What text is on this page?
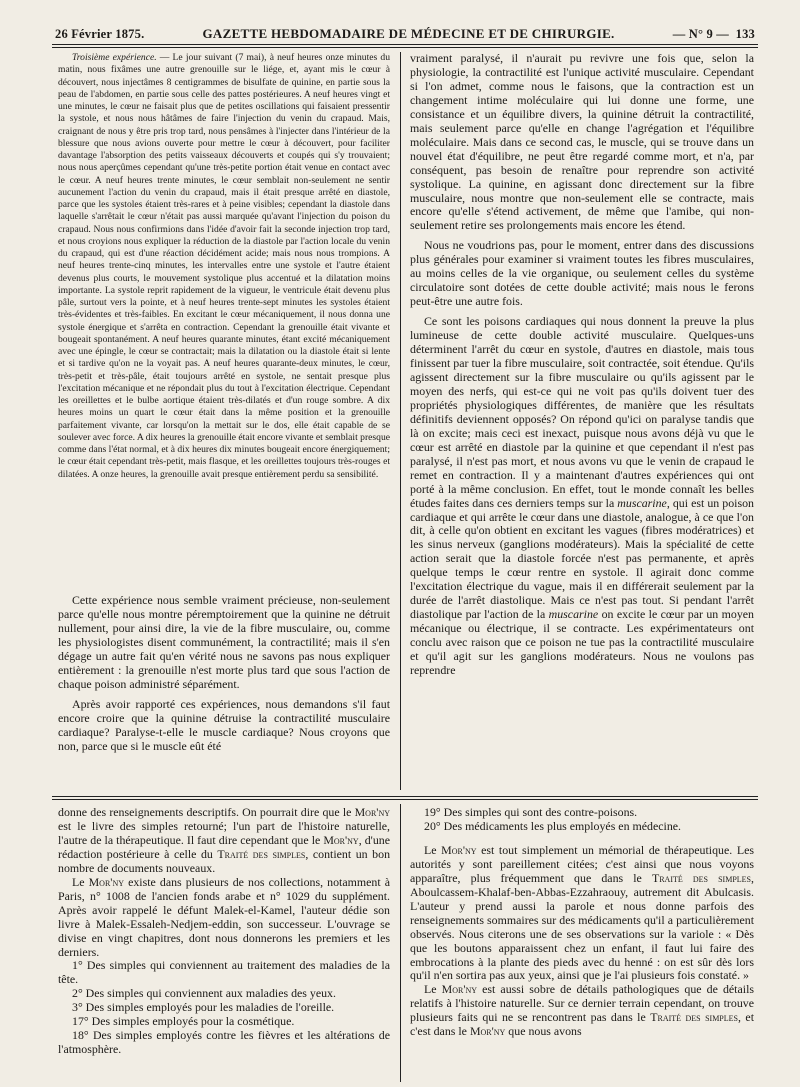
26 Février 1875.	GAZETTE HEBDOMADAIRE DE MÉDECINE ET DE CHIRURGIE.	— N° 9 — 133

Troisième expérience. — Le jour suivant (7 mai), à neuf heures onze minutes du matin, nous fixâmes une autre grenouille sur le liége, et, ayant mis le cœur à découvert, nous injectâmes 8 centigrammes de bisulfate de quinine, en partie sous la peau de l'abdomen, en partie sous celle des pattes postérieures. A neuf heures vingt et une minutes, le cœur ne faisait plus que de petites oscillations qui faisaient pressentir la systole, et nous nous hâtâmes de faire l'injection du venin du crapaud. Mais, craignant de nous y être pris trop tard, nous pensâmes à l'injecter dans l'intérieur de la blessure que nous avions ouverte pour mettre le cœur à découvert, pour faciliter davantage l'absorption des petits vaisseaux découverts et coupés qui s'y trouvaient; nous nous aperçûmes cependant qu'une très-petite portion était venue en contact avec le cœur. A neuf heures trente minutes, le cœur semblait non-seulement ne sentir aucunement l'action du venin du crapaud, mais il était presque arrêté en diastole, parce que les systoles étaient très-rares et à peine visibles; cependant la diastole dans laquelle s'arrêtait le cœur n'était pas aussi marquée qu'avant l'injection du poison du crapaud. Nous nous confirmions dans l'idée d'avoir fait la seconde injection trop tard, et nous croyions nous expliquer la réduction de la diastole par l'action locale du venin du crapaud, qui est d'une réaction décidément acide; mais nous nous trompions. A neuf heures trente-cinq minutes, les intervalles entre une systole et l'autre étaient devenus plus courts, le mouvement systolique plus accentué et la dilatation moins importante. La systole reprit rapidement de la vigueur, le ventricule était devenu plus pâle, surtout vers la pointe, et à neuf heures trente-sept minutes les systoles étaient très-évidentes et très-faibles. En excitant le cœur mécaniquement, il nous donna une systole énergique et s'arrêta en contraction. Cependant la grenouille était vivante et bougeait spontanément. A neuf heures quarante minutes, étant excité mécaniquement avec une épingle, le cœur se contractait; mais la dilatation ou la diastole était si lente et si tardive qu'on ne la voyait pas. A neuf heures quarante-deux minutes, le cœur, très-petit et très-pâle, était toujours arrêté en systole, ne sentait presque plus l'excitation mécanique et ne répondait plus du tout à l'excitation électrique. Cependant les oreillettes et le bulbe aortique étaient très-dilatés et d'un rouge sombre. A dix heures moins un quart le cœur était dans la même position et la grenouille parfaitement vivante, car lorsqu'on la mettait sur le dos, elle était capable de se soulever avec force. A dix heures la grenouille était encore vivante et semblait presque comme dans l'état normal, et à dix heures dix minutes bougeait encore énergiquement; le cœur était cependant très-petit, mais flasque, et les oreillettes toujours très-rouges et dilatées. A onze heures, la grenouille avait presque entièrement perdu sa sensibilité.

Cette expérience nous semble vraiment précieuse, non-seulement parce qu'elle nous montre péremptoirement que la quinine ne détruit nullement, pour ainsi dire, la vie de la fibre musculaire, ou, comme les physiologistes disent communément, la contractilité; mais il s'en dégage un autre fait qu'en vérité nous ne savons pas nous expliquer entièrement : la grenouille n'est morte plus tard que sous l'action de chaque poison administré séparément.

Après avoir rapporté ces expériences, nous demandons s'il faut encore croire que la quinine détruise la contractilité musculaire cardiaque? Paralyse-t-elle le muscle cardiaque? Nous croyons que non, parce que si le muscle eût été

vraiment paralysé, il n'aurait pu revivre une fois que, selon la physiologie, la contractilité est l'unique activité musculaire. Cependant si l'on admet, comme nous le faisons, que la contraction est un changement intime moléculaire qui lui donne une forme, une consistance et un équilibre divers, la quinine détruit la contractilité, mais seulement parce qu'elle en change l'agrégation et l'équilibre moléculaire. Mais dans ce second cas, le muscle, qui se trouve dans un nouvel état d'équilibre, ne peut être regardé comme mort, et n'a, par conséquent, pas besoin de renaître pour reprendre son activité systolique. La quinine, en agissant donc directement sur la fibre musculaire, nous montre que non-seulement elle se contracte, mais encore qu'elle s'étend activement, de même que l'amibe, qui non-seulement retire ses prolongements mais encore les étend.

Nous ne voudrions pas, pour le moment, entrer dans des discussions plus générales pour examiner si vraiment toutes les fibres musculaires, au moins celles de la vie organique, ou seulement celles du système circulatoire sont dotées de cette double activité; mais nous le ferons peut-être une autre fois.

Ce sont les poisons cardiaques qui nous donnent la preuve la plus lumineuse de cette double activité musculaire. Quelques-uns déterminent l'arrêt du cœur en systole, d'autres en diastole, mais tous finissent par tuer la fibre musculaire, soit contractée, soit étendue. Qu'ils agissent directement sur la fibre musculaire ou qu'ils agissent par le moyen des nerfs, qui est-ce qui ne voit pas qu'ils doivent tuer des propriétés physiologiques différentes, de manière que les résultats définitifs deviennent opposés? On répond qu'ici on paralyse tandis que là on excite; mais ceci est inexact, puisque nous avons déjà vu que le cœur est arrêté en diastole par la quinine et que cependant il n'est pas paralysé, il n'est pas mort, et nous avons vu que le venin de crapaud le remet en contraction. Il y a maintenant d'autres expériences qui ont porté à la même conclusion. En effet, tout le monde connaît les belles études faites dans ces derniers temps sur la muscarine, qui est un poison cardiaque et qui arrête le cœur dans une diastole, analogue, à ce que l'on dit, à celle qu'on obtient en excitant les vagues (fibres modératrices) et les sinus nerveux (ganglions modérateurs). Mais la spécialité de cette action serait que la diastole forcée n'est pas permanente, et après quelque temps le cœur rentre en systole. Il agirait donc comme l'excitation électrique du vague, mais il en différerait seulement par la durée de l'arrêt diastolique. Mais ce n'est pas tout. Si pendant l'arrêt diastolique par l'action de la muscarine on excite le cœur par un moyen mécanique ou électrique, il se contracte. Les expérimentateurs ont conclu avec raison que ce poison ne tue pas la contractilité musculaire et qu'il agit sur les ganglions modérateurs. Nous ne voulons pas reprendre

donne des renseignements descriptifs. On pourrait dire que le Mor'ny est le livre des simples retourné; l'un part de l'histoire naturelle, l'autre de la thérapeutique. Il faut dire cependant que le Mor'ny, d'une rédaction postérieure à celle du Traité des simples, contient un bon nombre de documents nouveaux.

Le Mor'ny existe dans plusieurs de nos collections, notamment à Paris, n° 1008 de l'ancien fonds arabe et n° 1029 du supplément. Après avoir rappelé le défunt Malek-el-Kamel, l'auteur dédie son livre à Malek-Essaleh-Nedjem-eddin, son successeur. L'ouvrage se divise en vingt chapitres, dont nous donnerons les premiers et les derniers.

1° Des simples qui conviennent au traitement des maladies de la tête.
2° Des simples qui conviennent aux maladies des yeux.
3° Des simples employés pour les maladies de l'oreille.
17° Des simples employés pour la cosmétique.
18° Des simples employés contre les fièvres et les altérations de l'atmosphère.
19° Des simples qui sont des contre-poisons.
20° Des médicaments les plus employés en médecine.

Le Mor'ny est tout simplement un mémorial de thérapeutique. Les autorités y sont pareillement citées; c'est ainsi que nous voyons apparaître, plus fréquemment que dans le Traité des simples, Aboulcassem-Khalaf-ben-Abbas-Ezzahraouy, autrement dit Abulcasis. L'auteur y prend aussi la parole et nous donne parfois des renseignements sommaires sur des médicaments qu'il a particulièrement observés. Nous citerons une de ses observations sur la variole : « Dès que les boutons apparaissent chez un enfant, il faut lui faire des embrocations à la plante des pieds avec du henné : on est sûr dès lors qu'il n'en sortira pas aux yeux, ainsi que je l'ai plusieurs fois constaté. »

Le Mor'ny est aussi sobre de détails pathologiques que de détails relatifs à l'histoire naturelle. Sur ce dernier terrain cependant, on trouve plusieurs faits qui ne se rencontrent pas dans le Traité des simples, et c'est dans le Mor'ny que nous avons
